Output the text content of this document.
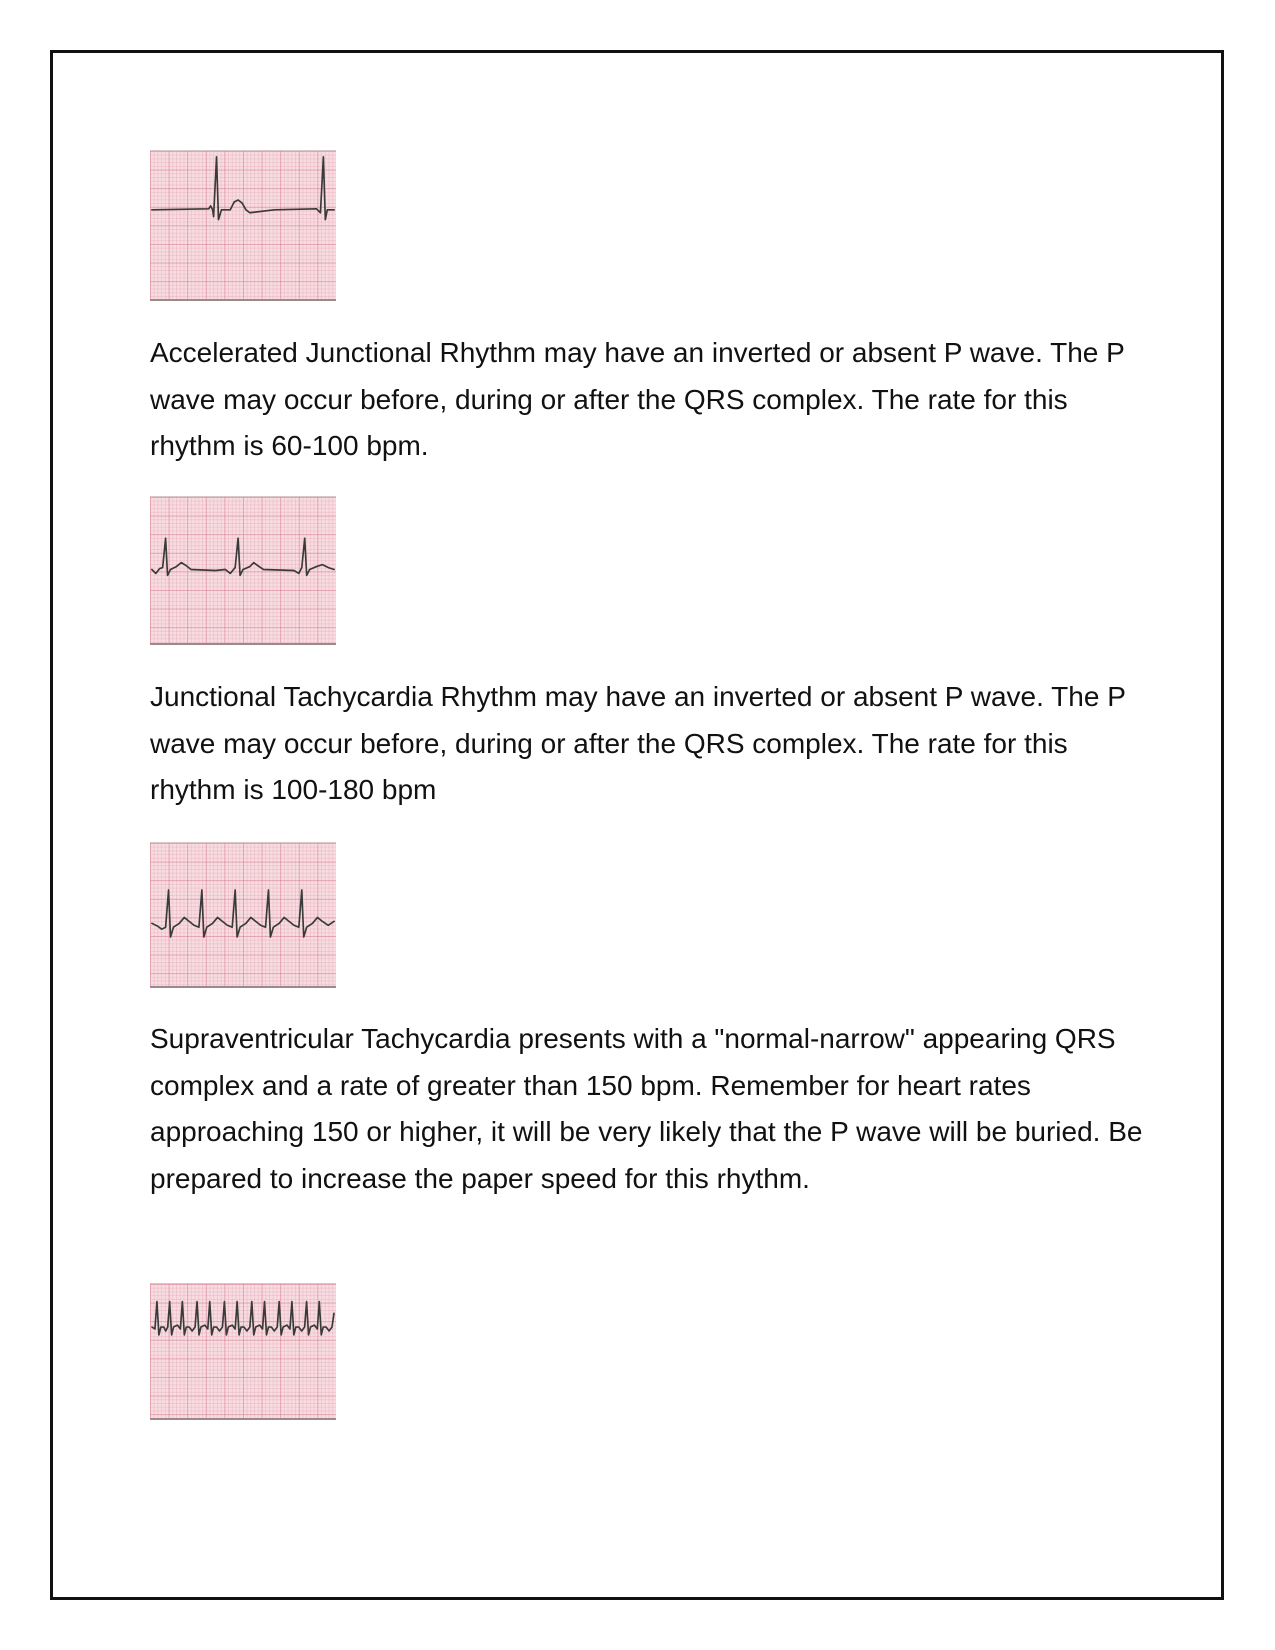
Accelerated Junctional Rhythm may have an inverted or absent P wave. The P wave may occur before, during or after the QRS complex. The rate for this rhythm is 60-100 bpm.

Junctional Tachycardia Rhythm may have an inverted or absent P wave. The P wave may occur before, during or after the QRS complex. The rate for this rhythm is 100-180 bpm

Supraventricular Tachycardia presents with a "normal-narrow" appearing QRS complex and a rate of greater than 150 bpm. Remember for heart rates approaching 150 or higher, it will be very likely that the P wave will be buried. Be prepared to increase the paper speed for this rhythm.
